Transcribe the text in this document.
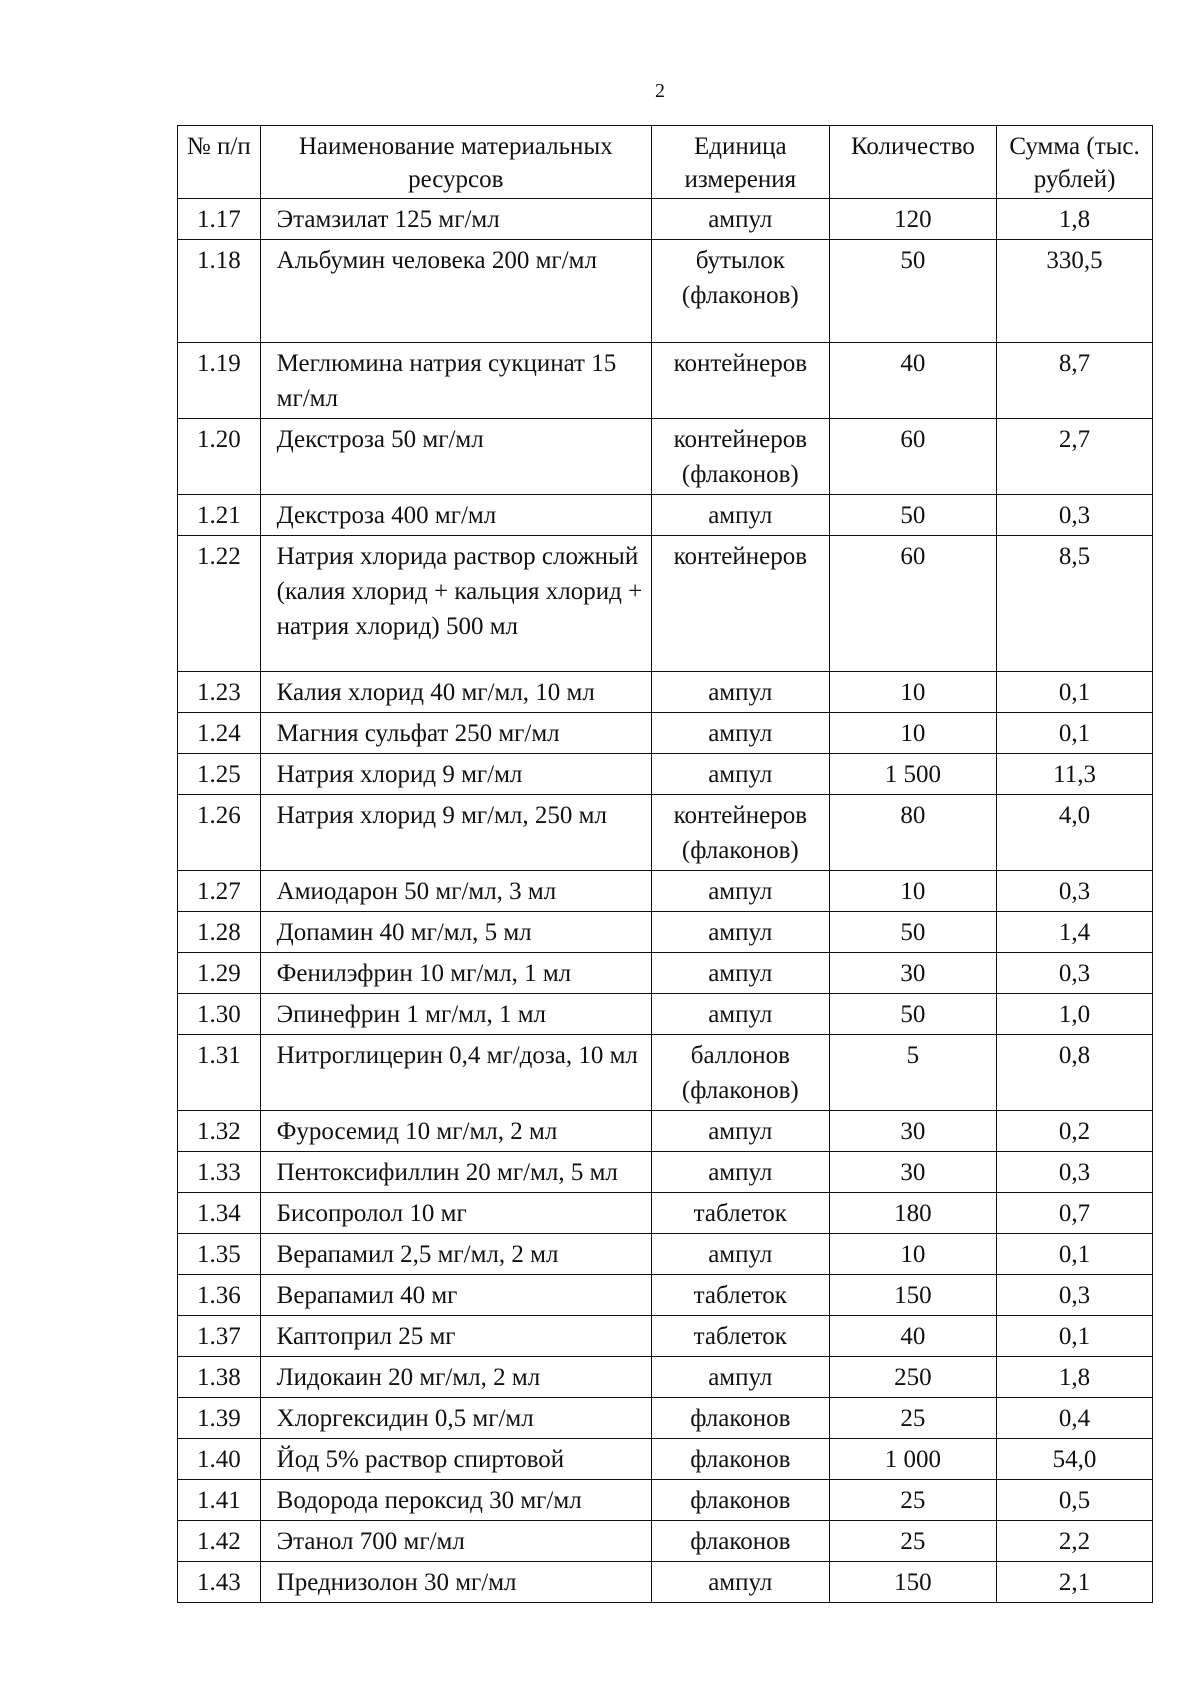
2
№ п/п	Наименование материальных ресурсов	Единица измерения	Количество	Сумма (тыс. рублей)
1.17	Этамзилат 125 мг/мл	ампул	120	1,8
1.18	Альбумин человека 200 мг/мл	бутылок (флаконов)	50	330,5
1.19	Меглюмина натрия сукцинат 15 мг/мл	контейнеров	40	8,7
1.20	Декстроза 50 мг/мл	контейнеров (флаконов)	60	2,7
1.21	Декстроза 400 мг/мл	ампул	50	0,3
1.22	Натрия хлорида раствор сложный (калия хлорид + кальция хлорид + натрия хлорид) 500 мл	контейнеров	60	8,5
1.23	Калия хлорид 40 мг/мл, 10 мл	ампул	10	0,1
1.24	Магния сульфат 250 мг/мл	ампул	10	0,1
1.25	Натрия хлорид 9 мг/мл	ампул	1 500	11,3
1.26	Натрия хлорид 9 мг/мл, 250 мл	контейнеров (флаконов)	80	4,0
1.27	Амиодарон 50 мг/мл, 3 мл	ампул	10	0,3
1.28	Допамин 40 мг/мл, 5 мл	ампул	50	1,4
1.29	Фенилэфрин 10 мг/мл, 1 мл	ампул	30	0,3
1.30	Эпинефрин 1 мг/мл, 1 мл	ампул	50	1,0
1.31	Нитроглицерин 0,4 мг/доза, 10 мл	баллонов (флаконов)	5	0,8
1.32	Фуросемид 10 мг/мл, 2 мл	ампул	30	0,2
1.33	Пентоксифиллин 20 мг/мл, 5 мл	ампул	30	0,3
1.34	Бисопролол 10 мг	таблеток	180	0,7
1.35	Верапамил 2,5 мг/мл, 2 мл	ампул	10	0,1
1.36	Верапамил 40 мг	таблеток	150	0,3
1.37	Каптоприл 25 мг	таблеток	40	0,1
1.38	Лидокаин 20 мг/мл, 2 мл	ампул	250	1,8
1.39	Хлоргексидин 0,5 мг/мл	флаконов	25	0,4
1.40	Йод 5% раствор спиртовой	флаконов	1 000	54,0
1.41	Водорода пероксид 30 мг/мл	флаконов	25	0,5
1.42	Этанол 700 мг/мл	флаконов	25	2,2
1.43	Преднизолон 30 мг/мл	ампул	150	2,1
